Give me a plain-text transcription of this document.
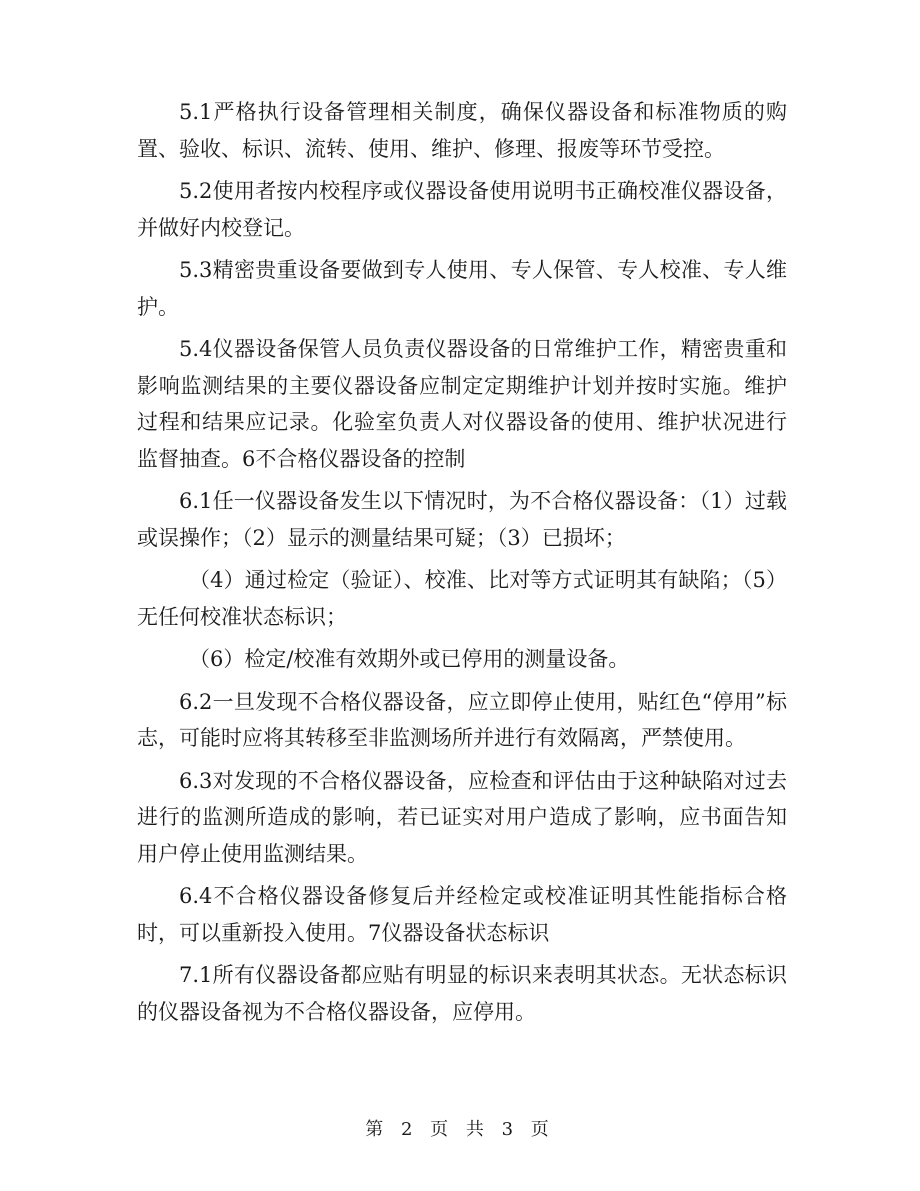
5.1严格执行设备管理相关制度，确保仪器设备和标准物质的购置、验收、标识、流转、使用、维护、修理、报废等环节受控。

5.2使用者按内校程序或仪器设备使用说明书正确校准仪器设备，并做好内校登记。

5.3精密贵重设备要做到专人使用、专人保管、专人校准、专人维护。

5.4仪器设备保管人员负责仪器设备的日常维护工作，精密贵重和影响监测结果的主要仪器设备应制定定期维护计划并按时实施。维护过程和结果应记录。化验室负责人对仪器设备的使用、维护状况进行监督抽查。6不合格仪器设备的控制

6.1任一仪器设备发生以下情况时，为不合格仪器设备：（1）过载或误操作；（2）显示的测量结果可疑；（3）已损坏；

（4）通过检定（验证）、校准、比对等方式证明其有缺陷；（5）无任何校准状态标识；

（6）检定/校准有效期外或已停用的测量设备。

6.2一旦发现不合格仪器设备，应立即停止使用，贴红色“停用”标志，可能时应将其转移至非监测场所并进行有效隔离，严禁使用。

6.3对发现的不合格仪器设备，应检查和评估由于这种缺陷对过去进行的监测所造成的影响，若已证实对用户造成了影响，应书面告知用户停止使用监测结果。

6.4不合格仪器设备修复后并经检定或校准证明其性能指标合格时，可以重新投入使用。7仪器设备状态标识

7.1所有仪器设备都应贴有明显的标识来表明其状态。无状态标识的仪器设备视为不合格仪器设备，应停用。

第 2 页 共 3 页
